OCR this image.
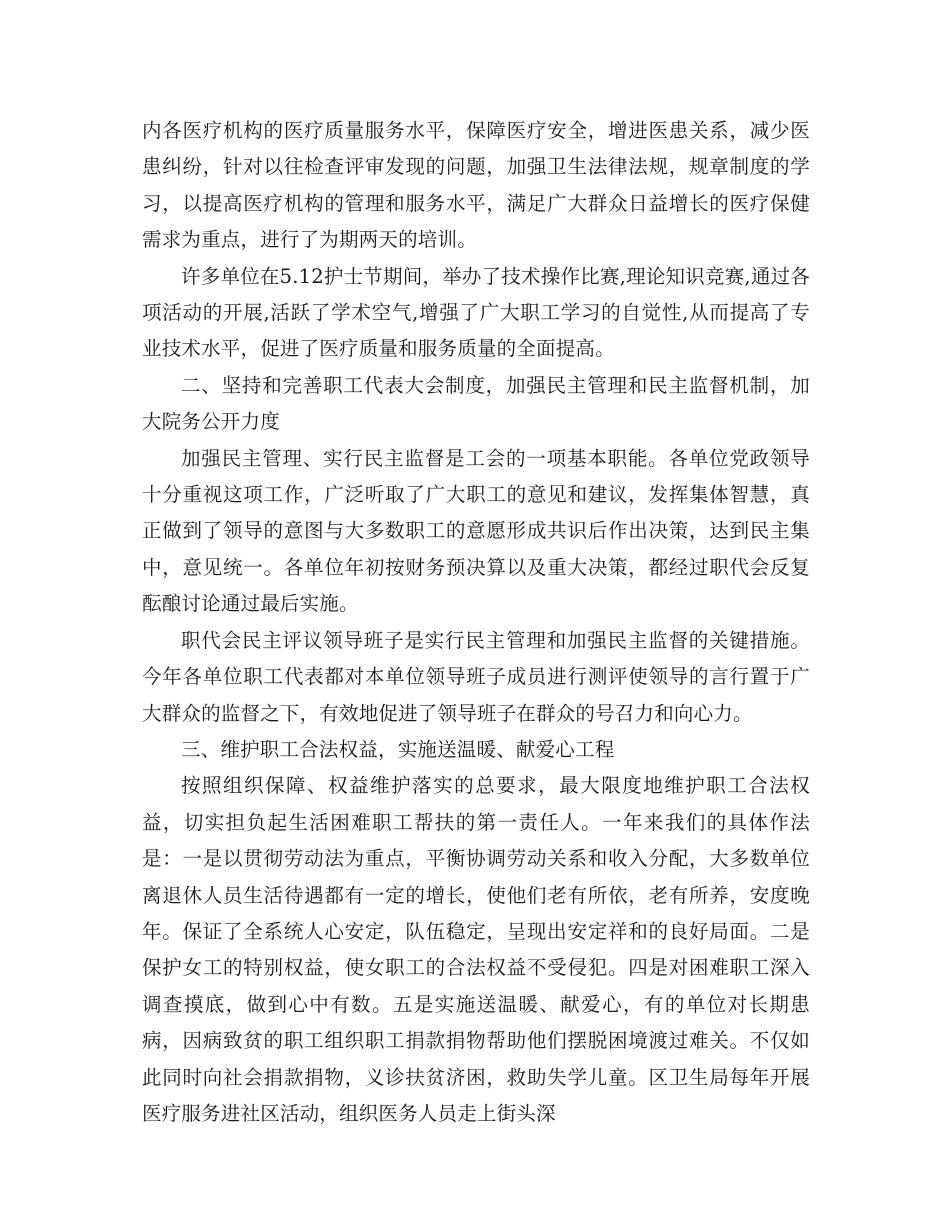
内各医疗机构的医疗质量服务水平，保障医疗安全，增进医患关系，减少医患纠纷，针对以往检查评审发现的问题，加强卫生法律法规，规章制度的学习，以提高医疗机构的管理和服务水平，满足广大群众日益增长的医疗保健需求为重点，进行了为期两天的培训。

许多单位在5.12护士节期间，举办了技术操作比赛,理论知识竞赛,通过各项活动的开展,活跃了学术空气,增强了广大职工学习的自觉性,从而提高了专业技术水平，促进了医疗质量和服务质量的全面提高。

二、坚持和完善职工代表大会制度，加强民主管理和民主监督机制，加大院务公开力度

加强民主管理、实行民主监督是工会的一项基本职能。各单位党政领导十分重视这项工作，广泛听取了广大职工的意见和建议，发挥集体智慧，真正做到了领导的意图与大多数职工的意愿形成共识后作出决策，达到民主集中，意见统一。各单位年初按财务预决算以及重大决策，都经过职代会反复酝酿讨论通过最后实施。

职代会民主评议领导班子是实行民主管理和加强民主监督的关键措施。今年各单位职工代表都对本单位领导班子成员进行测评使领导的言行置于广大群众的监督之下，有效地促进了领导班子在群众的号召力和向心力。

三、维护职工合法权益，实施送温暖、献爱心工程

按照组织保障、权益维护落实的总要求，最大限度地维护职工合法权益，切实担负起生活困难职工帮扶的第一责任人。一年来我们的具体作法是：一是以贯彻劳动法为重点，平衡协调劳动关系和收入分配，大多数单位离退休人员生活待遇都有一定的增长，使他们老有所依，老有所养，安度晚年。保证了全系统人心安定，队伍稳定，呈现出安定祥和的良好局面。二是保护女工的特别权益，使女职工的合法权益不受侵犯。四是对困难职工深入调查摸底，做到心中有数。五是实施送温暖、献爱心，有的单位对长期患病，因病致贫的职工组织职工捐款捐物帮助他们摆脱困境渡过难关。不仅如此同时向社会捐款捐物，义诊扶贫济困，救助失学儿童。区卫生局每年开展医疗服务进社区活动，组织医务人员走上街头深
